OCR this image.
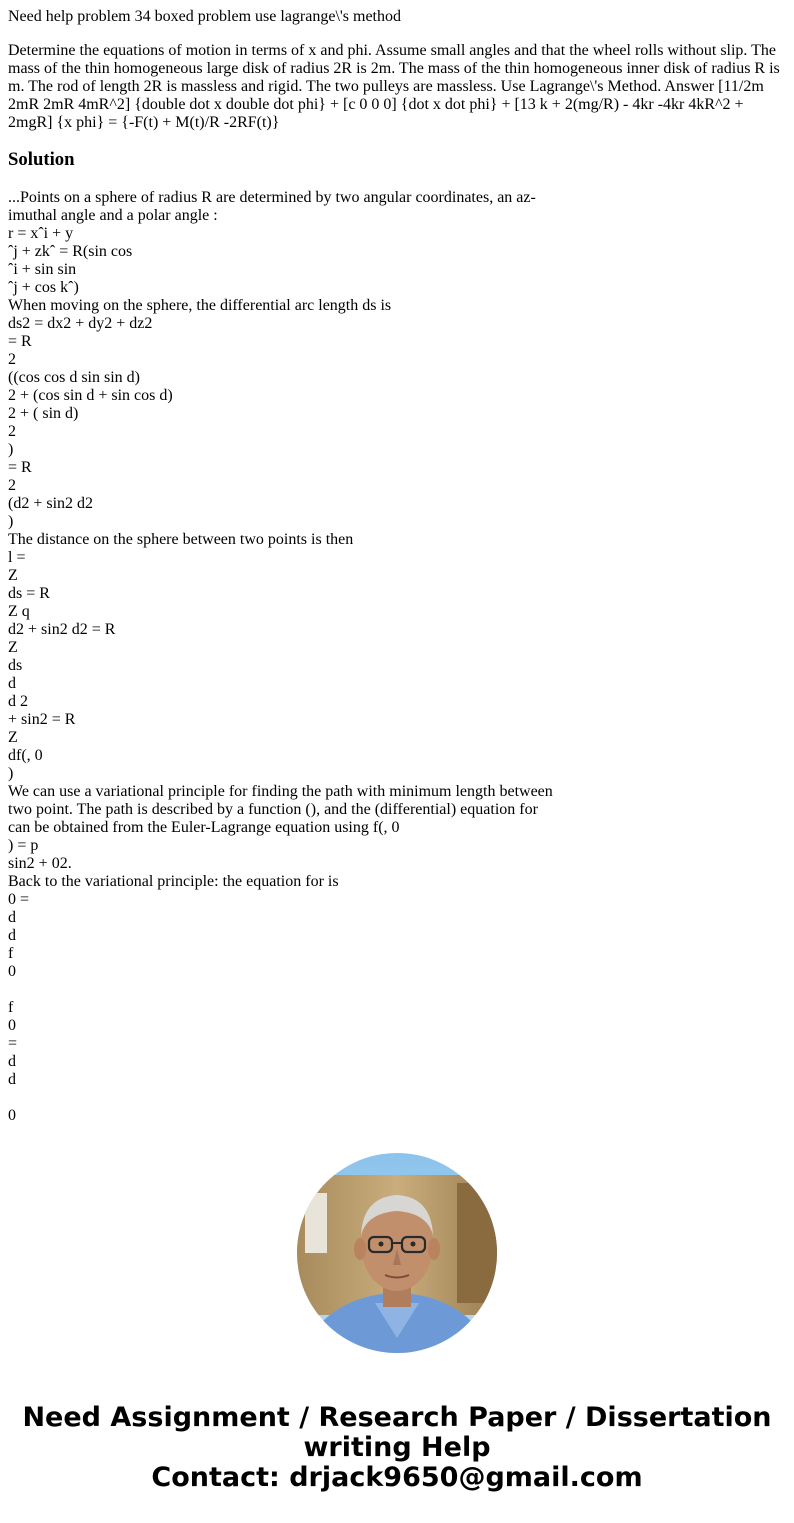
Need help problem 34 boxed problem use lagrange\'s method

Determine the equations of motion in terms of x and phi. Assume small angles and that the wheel rolls without slip. The mass of the thin homogeneous large disk of radius 2R is 2m. The mass of the thin homogeneous inner disk of radius R is m. The rod of length 2R is massless and rigid. The two pulleys are massless. Use Lagrange\'s Method. Answer [11/2m 2mR 2mR 4mR^2] {double dot x double dot phi} + [c 0 0 0] {dot x dot phi} + [13 k + 2(mg/R) - 4kr -4kr 4kR^2 + 2mgR] {x phi} = {-F(t) + M(t)/R -2RF(t)}

Solution
...Points on a sphere of radius R are determined by two angular coordinates, an az-
imuthal angle and a polar angle :
r = xˆi + y
ˆj + zkˆ = R(sin cos
ˆi + sin sin
ˆj + cos kˆ)
When moving on the sphere, the differential arc length ds is
ds2 = dx2 + dy2 + dz2
= R
2
((cos cos d sin sin d)
2 + (cos sin d + sin cos d)
2 + ( sin d)
2
)
= R
2
(d2 + sin2 d2
)
The distance on the sphere between two points is then
l =
Z
ds = R
Z q
d2 + sin2 d2 = R
Z
ds
d
d 2
+ sin2 = R
Z
df(, 0
)
We can use a variational principle for finding the path with minimum length between
two point. The path is described by a function (), and the (differential) equation for
can be obtained from the Euler-Lagrange equation using f(, 0
) = p
sin2 + 02.
Back to the variational principle: the equation for is
0 =
d
d
f
0
f
0
=
d
d
0
Need Assignment / Research Paper / Dissertation
writing Help
Contact: drjack9650@gmail.com
